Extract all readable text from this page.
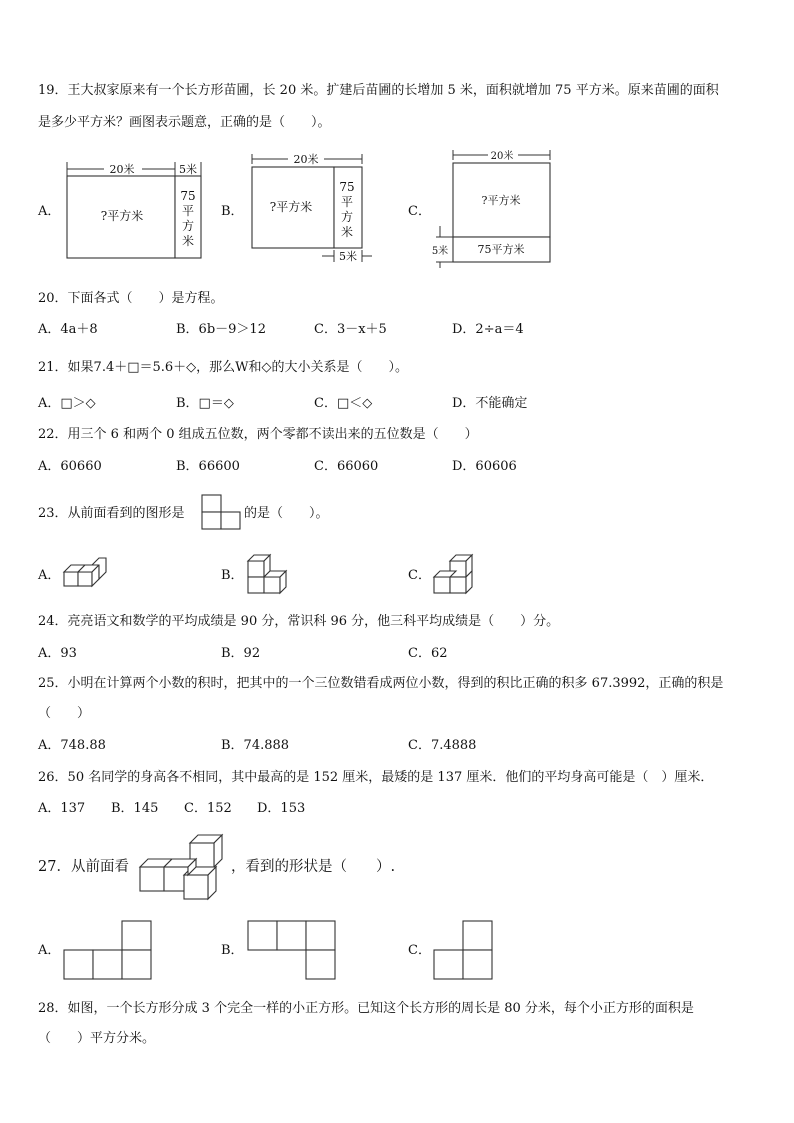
19．王大叔家原来有一个长方形苗圃，长 20 米。扩建后苗圃的长增加 5 米，面积就增加 75 平方米。原来苗圃的面积
是多少平方米？画图表示题意，正确的是（　　）。
A．
20米	5米
?平方米
75
平
方
米
B．
20米
?平方米
75
平
方
米
5米
C．
20米
?平方米
75平方米
5米
20．下面各式（　　）是方程。
A．4a＋8	B．6b－9＞12	C．3－x＋5	D．2÷a＝4
21．如果7.4＋□＝5.6＋◇，那么W和◇的大小关系是（　　）。
A．□＞◇	B．□＝◇	C．□＜◇	D．不能确定
22．用三个 6 和两个 0 组成五位数，两个零都不读出来的五位数是（　　）
A．60660	B．66600	C．66060	D．60606
23．从前面看到的图形是	的是（　　）。
A．	B．	C．
24．亮亮语文和数学的平均成绩是 90 分，常识科 96 分，他三科平均成绩是（　　）分。
A．93	B．92	C．62
25．小明在计算两个小数的积时，把其中的一个三位数错看成两位小数，得到的积比正确的积多 67.3992，正确的积是
（　　）
A．748.88	B．74.888	C．7.4888
26．50 名同学的身高各不相同，其中最高的是 152 厘米，最矮的是 137 厘米．他们的平均身高可能是（　）厘米．
A．137 B．145 C．152 D．153
27．从前面看	，看到的形状是（　　）.
A．	B．	C．
28．如图，一个长方形分成 3 个完全一样的小正方形。已知这个长方形的周长是 80 分米，每个小正方形的面积是
（　　）平方分米。
